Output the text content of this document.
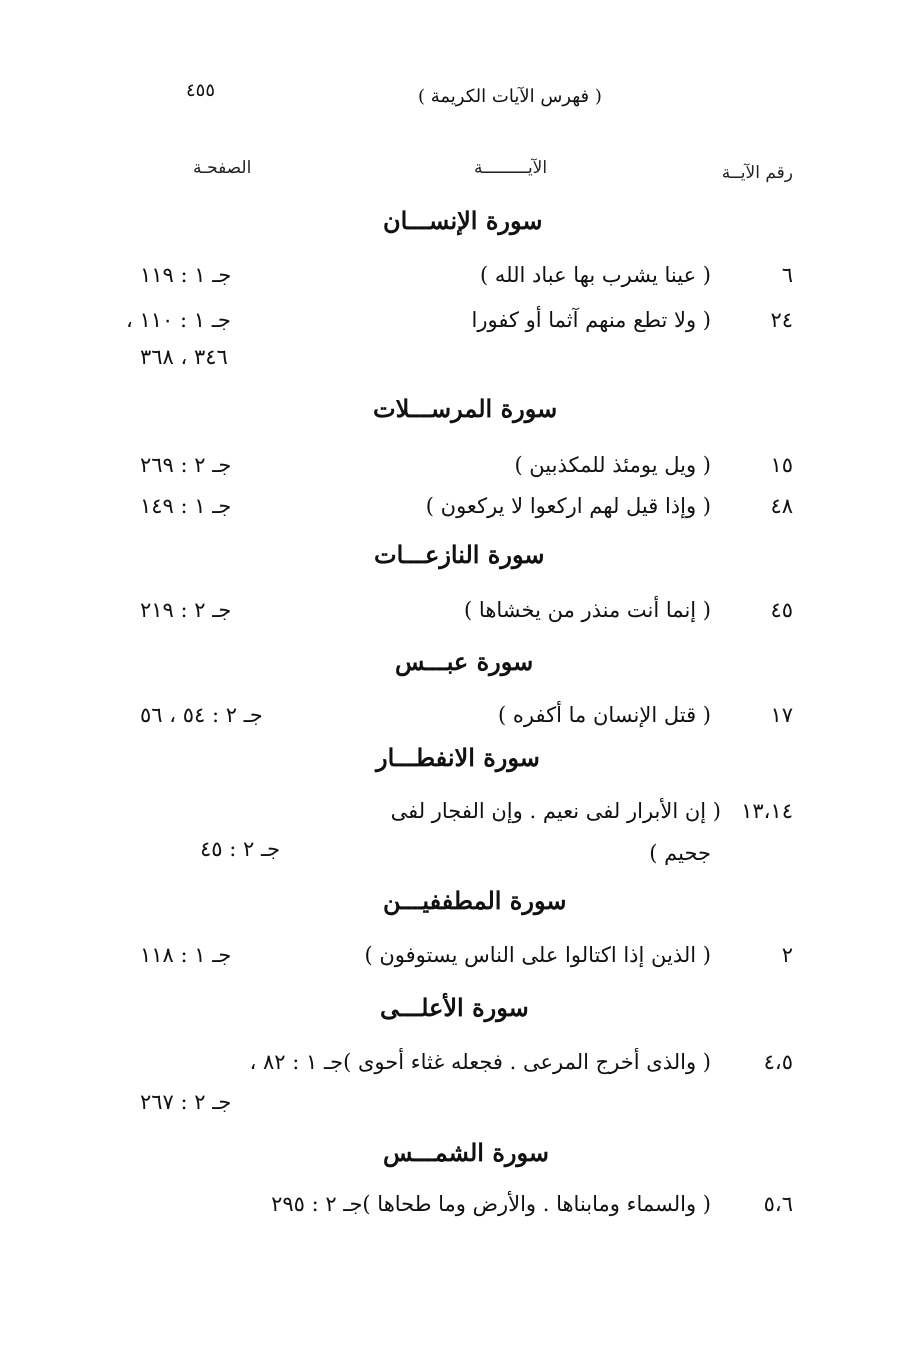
٤٥٥	( فهرس الآيات الكريمة )
رقم الآيــة
الآيـــــــــة
الصفحـة
سورة الإنســـان
٦
( عينا يشرب بها عباد الله )
جـ ١ : ١١٩
٢٤
( ولا تطع منهم آثما أو كفورا
جـ ١ : ١١٠ ،
٣٤٦ ، ٣٦٨
سورة المرســـلات
١٥
( ويل يومئذ للمكذبين )
جـ ٢ : ٢٦٩
٤٨
( وإذا قيل لهم اركعوا لا يركعون )
جـ ١ : ١٤٩
سورة النازعـــات
٤٥
( إنما أنت منذر من يخشاها )
جـ ٢ : ٢١٩
سورة عبـــس
١٧
( قتل الإنسان ما أكفره )
جـ ٢ : ٥٤ ، ٥٦
سورة الانفطـــار
١٣،١٤
( إن الأبرار لفى نعيم . وإن الفجار لفى
جحيم )
جـ ٢ : ٤٥
سورة المطففيـــن
٢
( الذين إذا اكتالوا على الناس يستوفون )
جـ ١ : ١١٨
سورة الأعلـــى
٤،٥
( والذى أخرج المرعى . فجعله غثاء أحوى )جـ ١ : ٨٢ ،
جـ ٢ : ٢٦٧
سورة الشمـــس
٥،٦
( والسماء ومابناها . والأرض وما طحاها )جـ ٢ : ٢٩٥
